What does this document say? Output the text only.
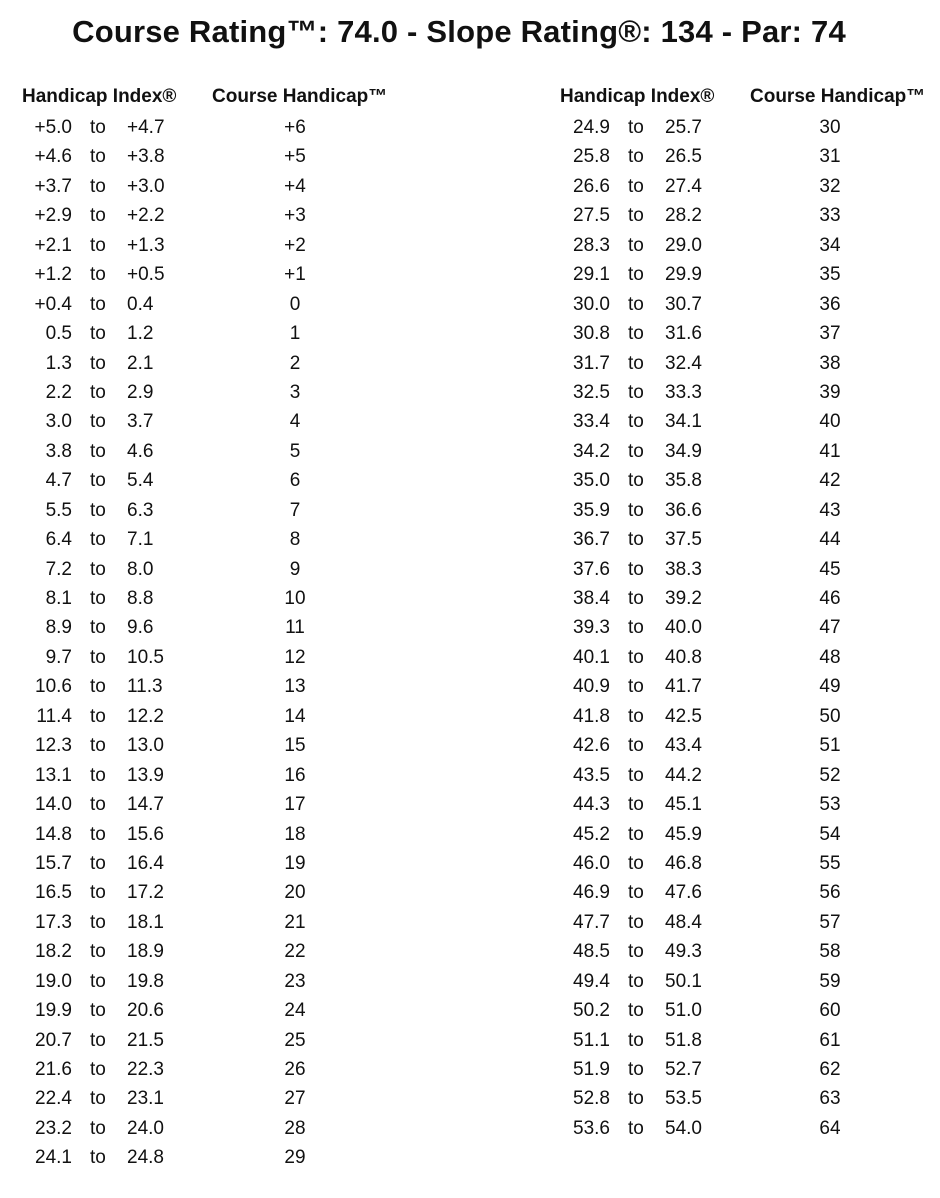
Course Rating™: 74.0 - Slope Rating®: 134 - Par: 74
Handicap Index® Course Handicap™
+5.0 to +4.7	+6
+4.6 to +3.8	+5
+3.7 to +3.0	+4
+2.9 to +2.2	+3
+2.1 to +1.3	+2
+1.2 to +0.5	+1
+0.4 to 0.4	0
0.5 to 1.2	1
1.3 to 2.1	2
2.2 to 2.9	3
3.0 to 3.7	4
3.8 to 4.6	5
4.7 to 5.4	6
5.5 to 6.3	7
6.4 to 7.1	8
7.2 to 8.0	9
8.1 to 8.8	10
8.9 to 9.6	11
9.7 to 10.5	12
10.6 to 11.3	13
11.4 to 12.2	14
12.3 to 13.0	15
13.1 to 13.9	16
14.0 to 14.7	17
14.8 to 15.6	18
15.7 to 16.4	19
16.5 to 17.2	20
17.3 to 18.1	21
18.2 to 18.9	22
19.0 to 19.8	23
19.9 to 20.6	24
20.7 to 21.5	25
21.6 to 22.3	26
22.4 to 23.1	27
23.2 to 24.0	28
24.1 to 24.8	29
Handicap Index® Course Handicap™
24.9 to 25.7	30
25.8 to 26.5	31
26.6 to 27.4	32
27.5 to 28.2	33
28.3 to 29.0	34
29.1 to 29.9	35
30.0 to 30.7	36
30.8 to 31.6	37
31.7 to 32.4	38
32.5 to 33.3	39
33.4 to 34.1	40
34.2 to 34.9	41
35.0 to 35.8	42
35.9 to 36.6	43
36.7 to 37.5	44
37.6 to 38.3	45
38.4 to 39.2	46
39.3 to 40.0	47
40.1 to 40.8	48
40.9 to 41.7	49
41.8 to 42.5	50
42.6 to 43.4	51
43.5 to 44.2	52
44.3 to 45.1	53
45.2 to 45.9	54
46.0 to 46.8	55
46.9 to 47.6	56
47.7 to 48.4	57
48.5 to 49.3	58
49.4 to 50.1	59
50.2 to 51.0	60
51.1 to 51.8	61
51.9 to 52.7	62
52.8 to 53.5	63
53.6 to 54.0	64
